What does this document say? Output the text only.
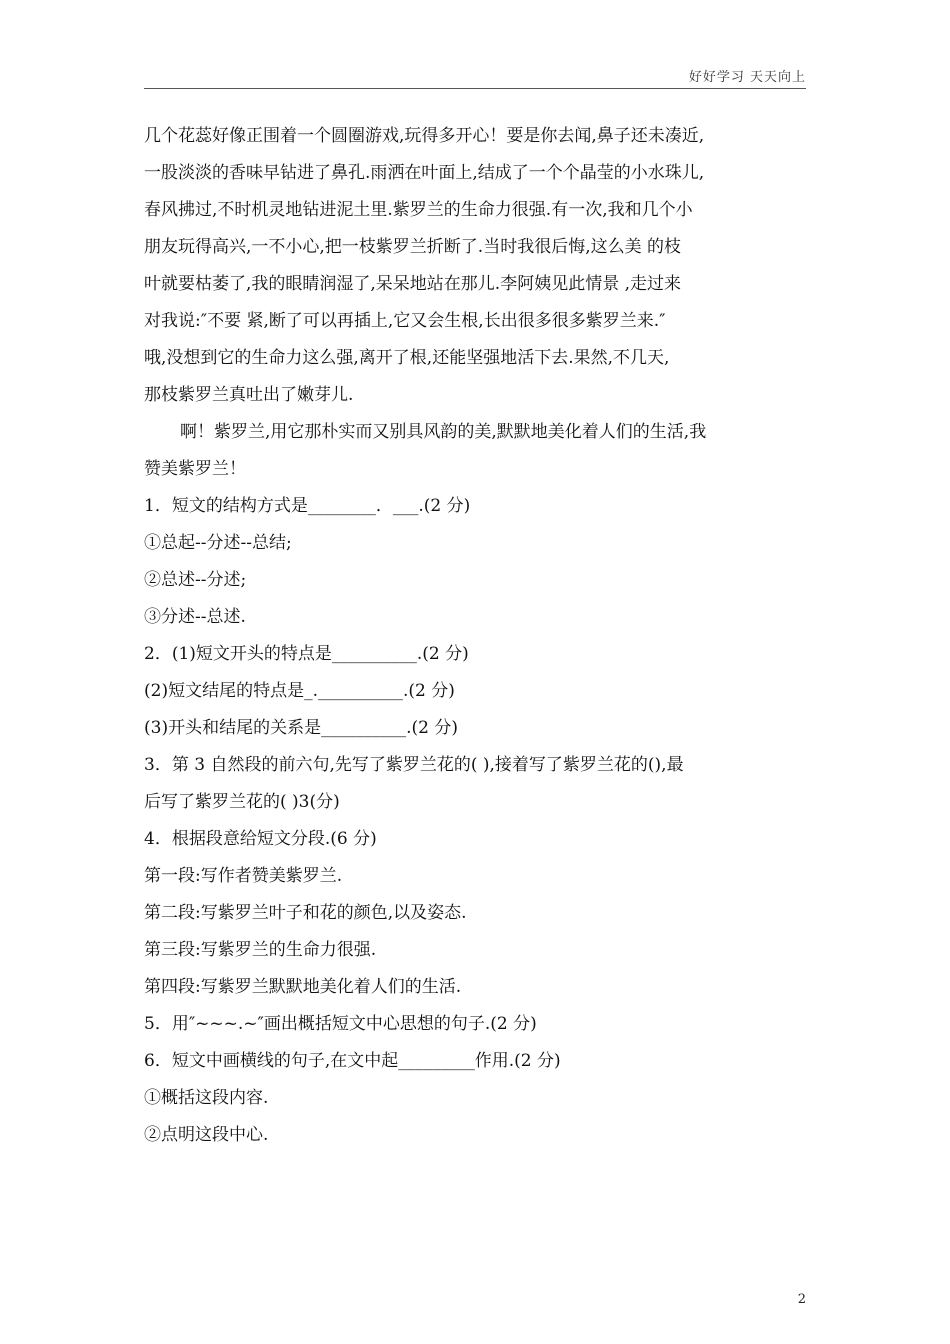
好好学习 天天向上
几个花蕊好像正围着一个圆圈游戏,玩得多开心！要是你去闻,鼻子还未凑近,
一股淡淡的香味早钻进了鼻孔.雨洒在叶面上,结成了一个个晶莹的小水珠儿,
春风拂过,不时机灵地钻进泥土里.紫罗兰的生命力很强.有一次,我和几个小
朋友玩得高兴,一不小心,把一枝紫罗兰折断了.当时我很后悔,这么美 的枝
叶就要枯萎了,我的眼睛润湿了,呆呆地站在那儿.李阿姨见此情景 ,走过来
对我说:″不要 紧,断了可以再插上,它又会生根,长出很多很多紫罗兰来.″
哦,没想到它的生命力这么强,离开了根,还能坚强地活下去.果然,不几天,
那枝紫罗兰真吐出了嫩芽儿.
啊！紫罗兰,用它那朴实而又别具风韵的美,默默地美化着人们的生活,我
赞美紫罗兰！
1．短文的结构方式是________．___.(2 分)
①总起--分述--总结;
②总述--分述;
③分述--总述.
2．(1)短文开头的特点是__________.(2 分)
(2)短文结尾的特点是_.__________.(2 分)
(3)开头和结尾的关系是__________.(2 分)
3．第 3 自然段的前六句,先写了紫罗兰花的( ),接着写了紫罗兰花的(),最
后写了紫罗兰花的( )3(分)
4．根据段意给短文分段.(6 分)
第一段:写作者赞美紫罗兰.
第二段:写紫罗兰叶子和花的颜色,以及姿态.
第三段:写紫罗兰的生命力很强.
第四段:写紫罗兰默默地美化着人们的生活.
5．用″~~~.~″画出概括短文中心思想的句子.(2 分)
6．短文中画横线的句子,在文中起_________作用.(2 分)
①概括这段内容.
②点明这段中心.
2
